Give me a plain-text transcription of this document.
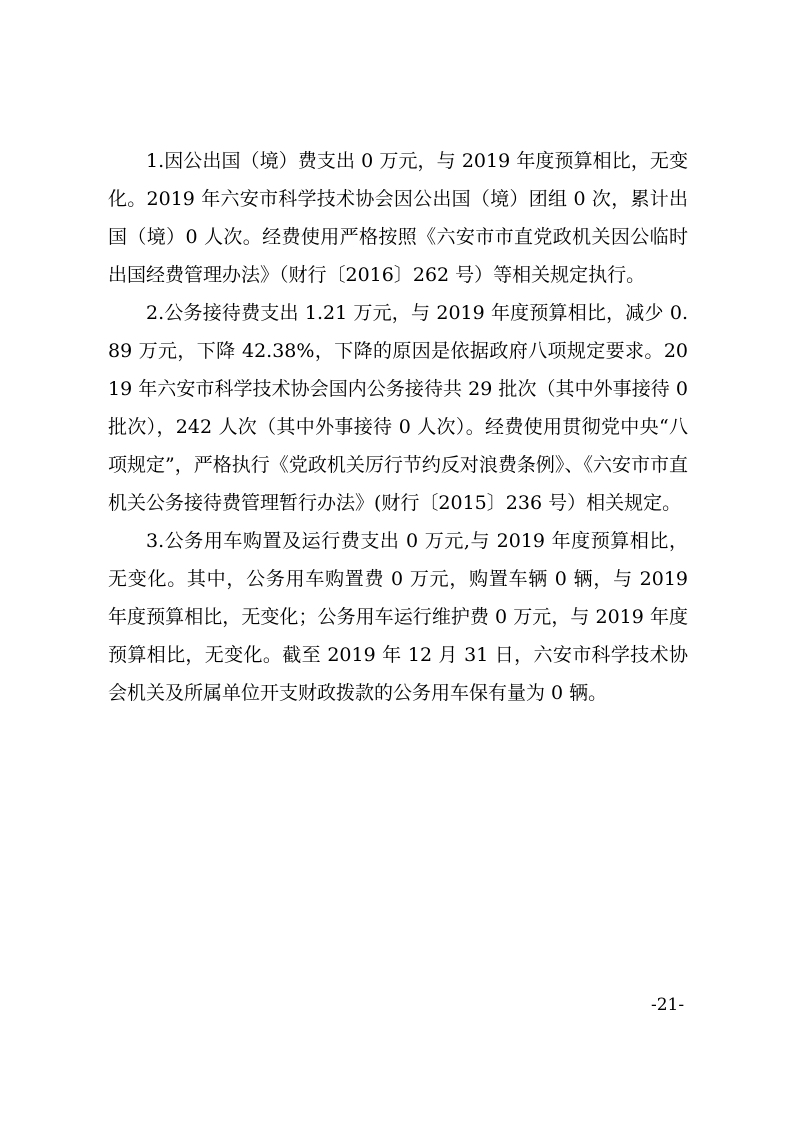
1.因公出国（境）费支出 0 万元，与 2019 年度预算相比，无变化。2019 年六安市科学技术协会因公出国（境）团组 0 次，累计出国（境）0 人次。经费使用严格按照《六安市市直党政机关因公临时出国经费管理办法》（财行〔2016〕262 号）等相关规定执行。

2.公务接待费支出 1.21 万元，与 2019 年度预算相比，减少 0.89 万元，下降 42.38%，下降的原因是依据政府八项规定要求。2019 年六安市科学技术协会国内公务接待共 29 批次（其中外事接待 0 批次），242 人次（其中外事接待 0 人次）。经费使用贯彻党中央“八项规定”，严格执行《党政机关厉行节约反对浪费条例》、《六安市市直机关公务接待费管理暂行办法》(财行〔2015〕236 号）相关规定。

3.公务用车购置及运行费支出 0 万元,与 2019 年度预算相比，无变化。其中，公务用车购置费 0 万元，购置车辆 0 辆，与 2019 年度预算相比，无变化；公务用车运行维护费 0 万元，与 2019 年度预算相比，无变化。截至 2019 年 12 月 31 日，六安市科学技术协会机关及所属单位开支财政拨款的公务用车保有量为 0 辆。

-21-
